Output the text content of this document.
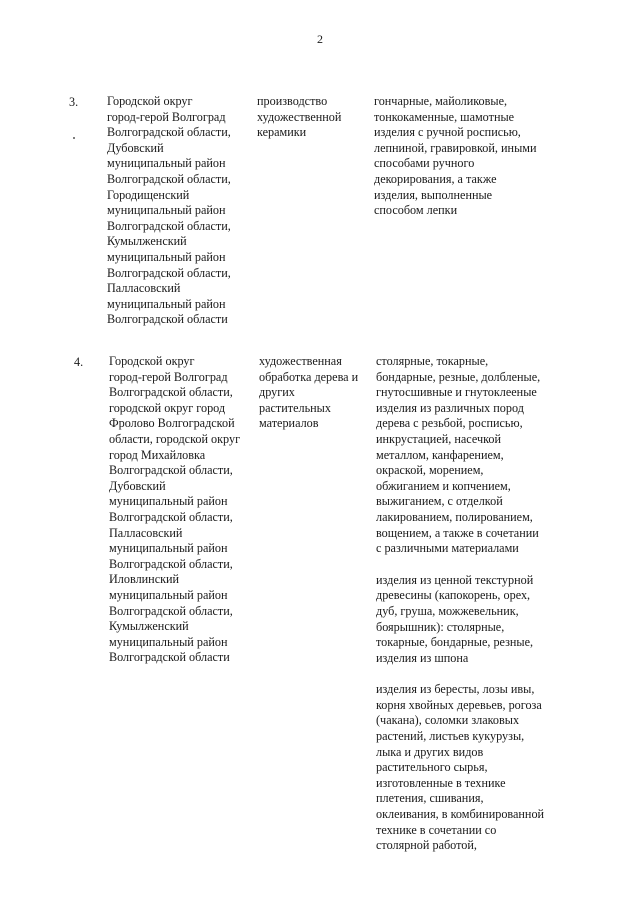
2
3. Городской округ
город-герой Волгоград
Волгоградской области,
Дубовский
муниципальный район
Волгоградской области,
Городищенский
муниципальный район
Волгоградской области,
Кумылженский
муниципальный район
Волгоградской области,
Палласовский
муниципальный район
Волгоградской области
производство
художественной
керамики
гончарные, майоликовые,
тонкокаменные, шамотные
изделия с ручной росписью,
лепниной, гравировкой, иными
способами ручного
декорирования, а также
изделия, выполненные
способом лепки
4. Городской округ
город-герой Волгоград
Волгоградской области,
городской округ город
Фролово Волгоградской
области, городской округ
город Михайловка
Волгоградской области,
Дубовский
муниципальный район
Волгоградской области,
Палласовский
муниципальный район
Волгоградской области,
Иловлинский
муниципальный район
Волгоградской области,
Кумылженский
муниципальный район
Волгоградской области
художественная
обработка дерева и
других
растительных
материалов
столярные, токарные,
бондарные, резные, долбленые,
гнутосшивные и гнутоклееные
изделия из различных пород
дерева с резьбой, росписью,
инкрустацией, насечкой
металлом, канфарением,
окраской, морением,
обжиганием и копчением,
выжиганием, с отделкой
лакированием, полированием,
вощением, а также в сочетании
с различными материалами
изделия из ценной текстурной
древесины (капокорень, орех,
дуб, груша, можжевельник,
боярышник): столярные,
токарные, бондарные, резные,
изделия из шпона
изделия из бересты, лозы ивы,
корня хвойных деревьев, рогоза
(чакана), соломки злаковых
растений, листьев кукурузы,
лыка и других видов
растительного сырья,
изготовленные в технике
плетения, сшивания,
оклеивания, в комбинированной
технике в сочетании со
столярной работой,
